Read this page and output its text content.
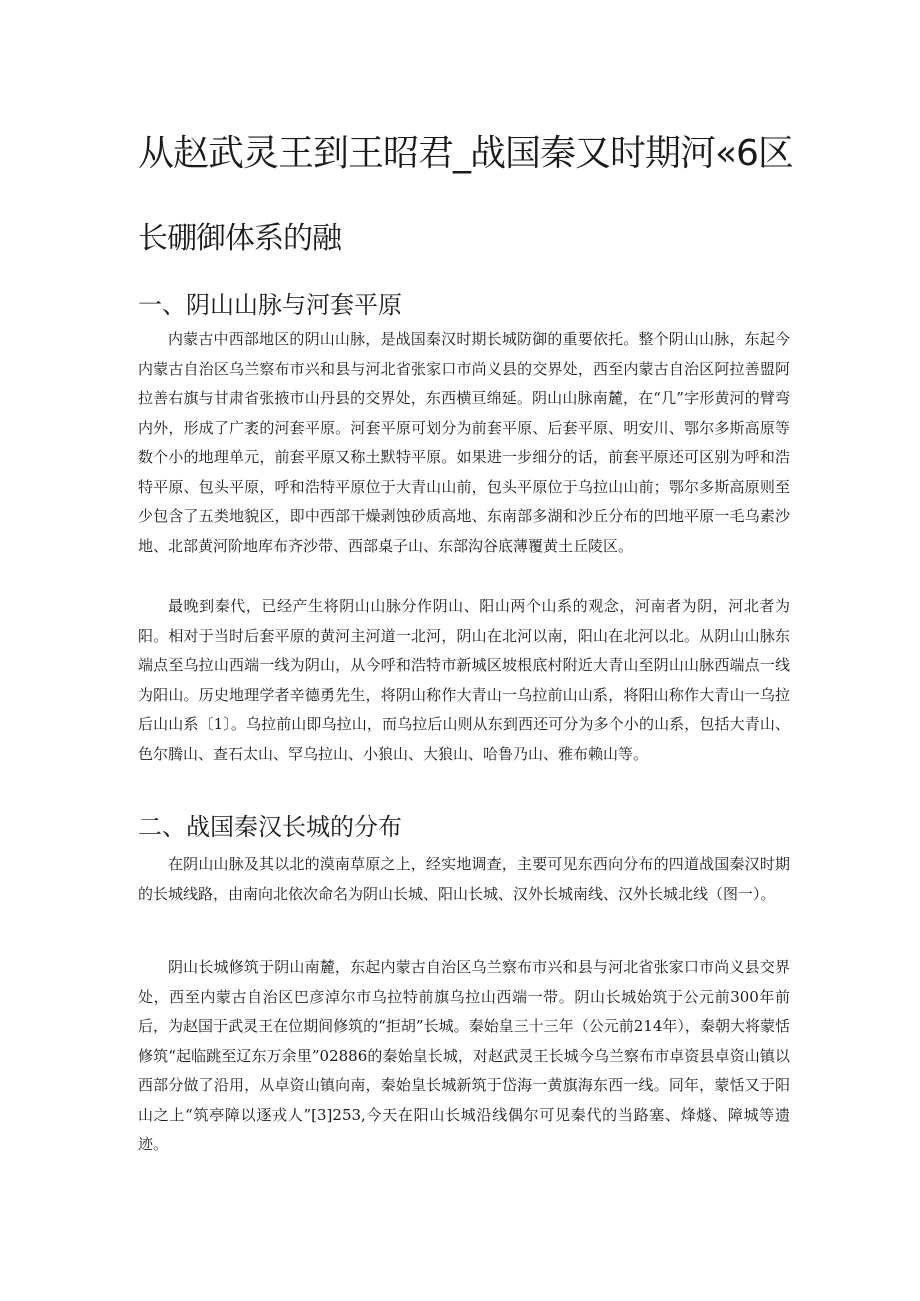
从赵武灵王到王昭君_战国秦又时期河«6区
长硼御体系的融
一、阴山山脉与河套平原

内蒙古中西部地区的阴山山脉，是战国秦汉时期长城防御的重要依托。整个阴山山脉，东起今内蒙古自治区乌兰察布市兴和县与河北省张家口市尚义县的交界处，西至内蒙古自治区阿拉善盟阿拉善右旗与甘肃省张掖市山丹县的交界处，东西横亘绵延。阴山山脉南麓，在“几”字形黄河的臂弯内外，形成了广袤的河套平原。河套平原可划分为前套平原、后套平原、明安川、鄂尔多斯高原等数个小的地理单元，前套平原又称土默特平原。如果进一步细分的话，前套平原还可区别为呼和浩特平原、包头平原，呼和浩特平原位于大青山山前，包头平原位于乌拉山山前；鄂尔多斯高原则至少包含了五类地貌区，即中西部干燥剥蚀砂质高地、东南部多湖和沙丘分布的凹地平原一毛乌素沙地、北部黄河阶地库布齐沙带、西部桌子山、东部沟谷底薄覆黄土丘陵区。

最晚到秦代，已经产生将阴山山脉分作阴山、阳山两个山系的观念，河南者为阴，河北者为阳。相对于当时后套平原的黄河主河道一北河，阴山在北河以南，阳山在北河以北。从阴山山脉东端点至乌拉山西端一线为阴山，从今呼和浩特市新城区坡根底村附近大青山至阴山山脉西端点一线为阳山。历史地理学者辛德勇先生，将阴山称作大青山一乌拉前山山系，将阳山称作大青山一乌拉后山山系〔1〕。乌拉前山即乌拉山，而乌拉后山则从东到西还可分为多个小的山系，包括大青山、色尔腾山、查石太山、罕乌拉山、小狼山、大狼山、哈鲁乃山、雅布赖山等。

二、战国秦汉长城的分布

在阴山山脉及其以北的漠南草原之上，经实地调查，主要可见东西向分布的四道战国秦汉时期的长城线路，由南向北依次命名为阴山长城、阳山长城、汉外长城南线、汉外长城北线（图一）。

阴山长城修筑于阴山南麓，东起内蒙古自治区乌兰察布市兴和县与河北省张家口市尚义县交界处，西至内蒙古自治区巴彦淖尔市乌拉特前旗乌拉山西端一带。阴山长城始筑于公元前300年前后，为赵国于武灵王在位期间修筑的“拒胡”长城。秦始皇三十三年（公元前214年），秦朝大将蒙恬修筑“起临跳至辽东万余里”02886的秦始皇长城，对赵武灵王长城今乌兰察布市卓资县卓资山镇以西部分做了沿用，从卓资山镇向南，秦始皇长城新筑于岱海一黄旗海东西一线。同年，蒙恬又于阳山之上“筑亭障以逐戎人”[3]253,今天在阳山长城沿线偶尔可见秦代的当路塞、烽燧、障城等遗迹。
